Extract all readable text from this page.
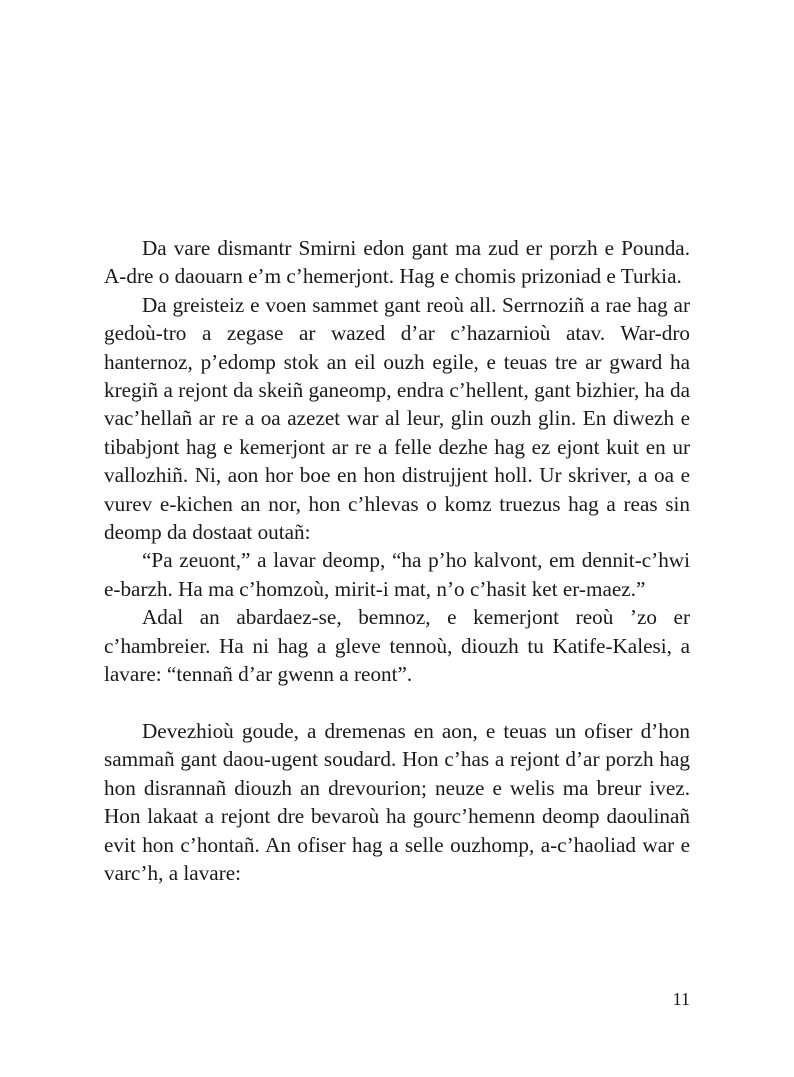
Da vare dismantr Smirni edon gant ma zud er porzh e Pounda. A-dre o daouarn e’m c’hemerjont. Hag e chomis prizoniad e Turkia.

Da greisteiz e voen sammet gant reoù all. Serrnoziñ a rae hag ar gedoù-tro a zegase ar wazed d’ar c’hazarnioù atav. War-dro hanternoz, p’edomp stok an eil ouzh egile, e teuas tre ar gward ha kregiñ a rejont da skeiñ ganeomp, endra c’hellent, gant bizhier, ha da vac’hellañ ar re a oa azezet war al leur, glin ouzh glin. En diwezh e tibabjont hag e kemerjont ar re a felle dezhe hag ez ejont kuit en ur vallozhiñ. Ni, aon hor boe en hon distrujjent holl. Ur skriver, a oa e vurev e-kichen an nor, hon c’hlevas o komz truezus hag a reas sin deomp da dostaat outañ:

“Pa zeuont,” a lavar deomp, “ha p’ho kalvont, em dennit-c’hwi e-barzh. Ha ma c’homzoù, mirit-i mat, n’o c’hasit ket er-maez.”

Adal an abardaez-se, bemnoz, e kemerjont reoù ’zo er c’hambreier. Ha ni hag a gleve tennoù, diouzh tu Katife-Kalesi, a lavare: “tennañ d’ar gwenn a reont”.

Devezhioù goude, a dremenas en aon, e teuas un ofiser d’hon sammañ gant daou-ugent soudard. Hon c’has a rejont d’ar porzh hag hon disrannañ diouzh an drevourion; neuze e welis ma breur ivez. Hon lakaat a rejont dre bevaroù ha gourc’hemenn deomp daoulinañ evit hon c’hontañ. An ofiser hag a selle ouzhomp, a-c’haoliad war e varc’h, a lavare:

11
